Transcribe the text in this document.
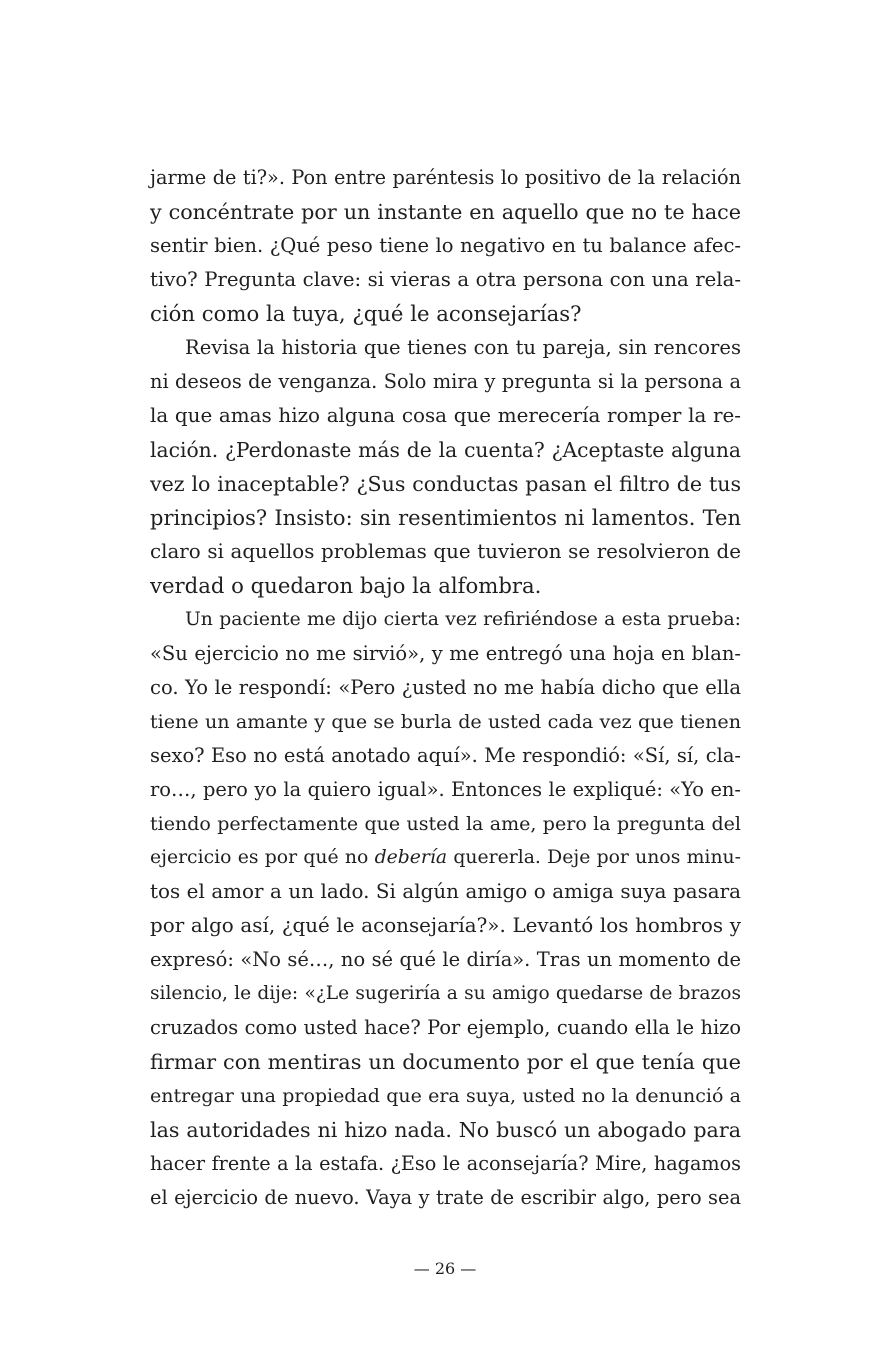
jarme de ti?». Pon entre paréntesis lo positivo de la relación
y concéntrate por un instante en aquello que no te hace
sentir bien. ¿Qué peso tiene lo negativo en tu balance afec-
tivo? Pregunta clave: si vieras a otra persona con una rela-
ción como la tuya, ¿qué le aconsejarías?
Revisa la historia que tienes con tu pareja, sin rencores
ni deseos de venganza. Solo mira y pregunta si la persona a
la que amas hizo alguna cosa que merecería romper la re-
lación. ¿Perdonaste más de la cuenta? ¿Aceptaste alguna
vez lo inaceptable? ¿Sus conductas pasan el filtro de tus
principios? Insisto: sin resentimientos ni lamentos. Ten
claro si aquellos problemas que tuvieron se resolvieron de
verdad o quedaron bajo la alfombra.
Un paciente me dijo cierta vez refiriéndose a esta prueba:
«Su ejercicio no me sirvió», y me entregó una hoja en blan-
co. Yo le respondí: «Pero ¿usted no me había dicho que ella
tiene un amante y que se burla de usted cada vez que tienen
sexo? Eso no está anotado aquí». Me respondió: «Sí, sí, cla-
ro…, pero yo la quiero igual». Entonces le expliqué: «Yo en-
tiendo perfectamente que usted la ame, pero la pregunta del
ejercicio es por qué no debería quererla. Deje por unos minu-
tos el amor a un lado. Si algún amigo o amiga suya pasara
por algo así, ¿qué le aconsejaría?». Levantó los hombros y
expresó: «No sé…, no sé qué le diría». Tras un momento de
silencio, le dije: «¿Le sugeriría a su amigo quedarse de brazos
cruzados como usted hace? Por ejemplo, cuando ella le hizo
firmar con mentiras un documento por el que tenía que
entregar una propiedad que era suya, usted no la denunció a
las autoridades ni hizo nada. No buscó un abogado para
hacer frente a la estafa. ¿Eso le aconsejaría? Mire, hagamos
el ejercicio de nuevo. Vaya y trate de escribir algo, pero sea
— 26 —
